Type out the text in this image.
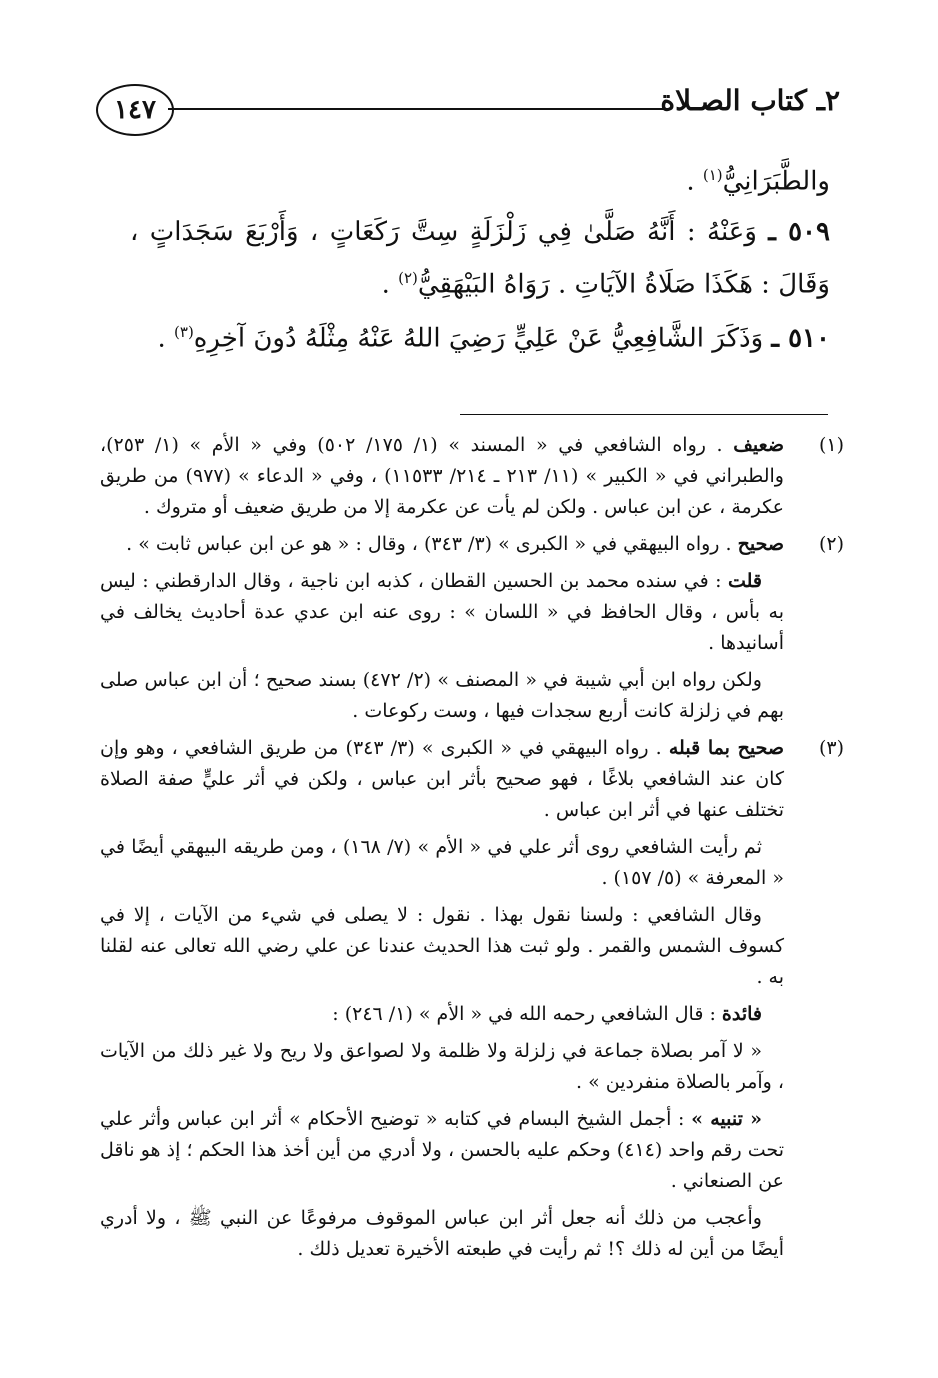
١٤٧	٢ـ كتاب الصـلاة

والطَّبَرَانِيُّ$^{(١)}$ .

٥٠٩ ـ وَعَنْهُ : أَنَّهُ صَلَّىٰ فِي زَلْزَلَةٍ سِتَّ رَكَعَاتٍ ، وَأَرْبَعَ سَجَدَاتٍ ، وَقَالَ : هَكَذَا صَلَاةُ الآيَاتِ . رَوَاهُ البَيْهَقِيُّ$^{(٢)}$ .

٥١٠ ـ وَذَكَرَ الشَّافِعِيُّ عَنْ عَلِيٍّ رَضِيَ اللهُ عَنْهُ مِثْلَهُ دُونَ آخِرِهِ$^{(٣)}$ .

(١)

ضعيف . رواه الشافعي في « المسند » (١/ ١٧٥/ ٥٠٢) وفي « الأم » (١/ ٢٥٣)، والطبراني في « الكبير » (١١/ ٢١٣ ـ ٢١٤/ ١١٥٣٣) ، وفي « الدعاء » (٩٧٧) من طريق عكرمة ، عن ابن عباس . ولكن لم يأت عن عكرمة إلا من طريق ضعيف أو متروك .

(٢)

صحيح . رواه البيهقي في « الكبرى » (٣/ ٣٤٣) ، وقال : « هو عن ابن عباس ثابت » .

قلت : في سنده محمد بن الحسين القطان ، كذبه ابن ناجية ، وقال الدارقطني : ليس به بأس ، وقال الحافظ في « اللسان » : روى عنه ابن عدي عدة أحاديث يخالف في أسانيدها .

ولكن رواه ابن أبي شيبة في « المصنف » (٢/ ٤٧٢) بسند صحيح ؛ أن ابن عباس صلى بهم في زلزلة كانت أربع سجدات فيها ، وست ركوعات .

(٣)

صحيح بما قبله . رواه البيهقي في « الكبرى » (٣/ ٣٤٣) من طريق الشافعي ، وهو وإن كان عند الشافعي بلاغًا ، فهو صحيح بأثر ابن عباس ، ولكن في أثر عليٍّ صفة الصلاة تختلف عنها في أثر ابن عباس .

ثم رأيت الشافعي روى أثر علي في « الأم » (٧/ ١٦٨) ، ومن طريقه البيهقي أيضًا في « المعرفة » (٥/ ١٥٧) .

وقال الشافعي : ولسنا نقول بهذا . نقول : لا يصلى في شيء من الآيات ، إلا في كسوف الشمس والقمر . ولو ثبت هذا الحديث عندنا عن علي رضي الله تعالى عنه لقلنا به .

فائدة : قال الشافعي رحمه الله في « الأم » (١/ ٢٤٦) :

« لا آمر بصلاة جماعة في زلزلة ولا ظلمة ولا لصواعق ولا ريح ولا غير ذلك من الآيات ، وآمر بالصلاة منفردين » .

« تنبيه » : أجمل الشيخ البسام في كتابه « توضيح الأحكام » أثر ابن عباس وأثر علي تحت رقم واحد (٤١٤) وحكم عليه بالحسن ، ولا أدري من أين أخذ هذا الحكم ؛ إذ هو ناقل عن الصنعاني .

وأعجب من ذلك أنه جعل أثر ابن عباس الموقوف مرفوعًا عن النبي ﷺ ، ولا أدري أيضًا من أين له ذلك ؟! ثم رأيت في طبعته الأخيرة تعديل ذلك .
